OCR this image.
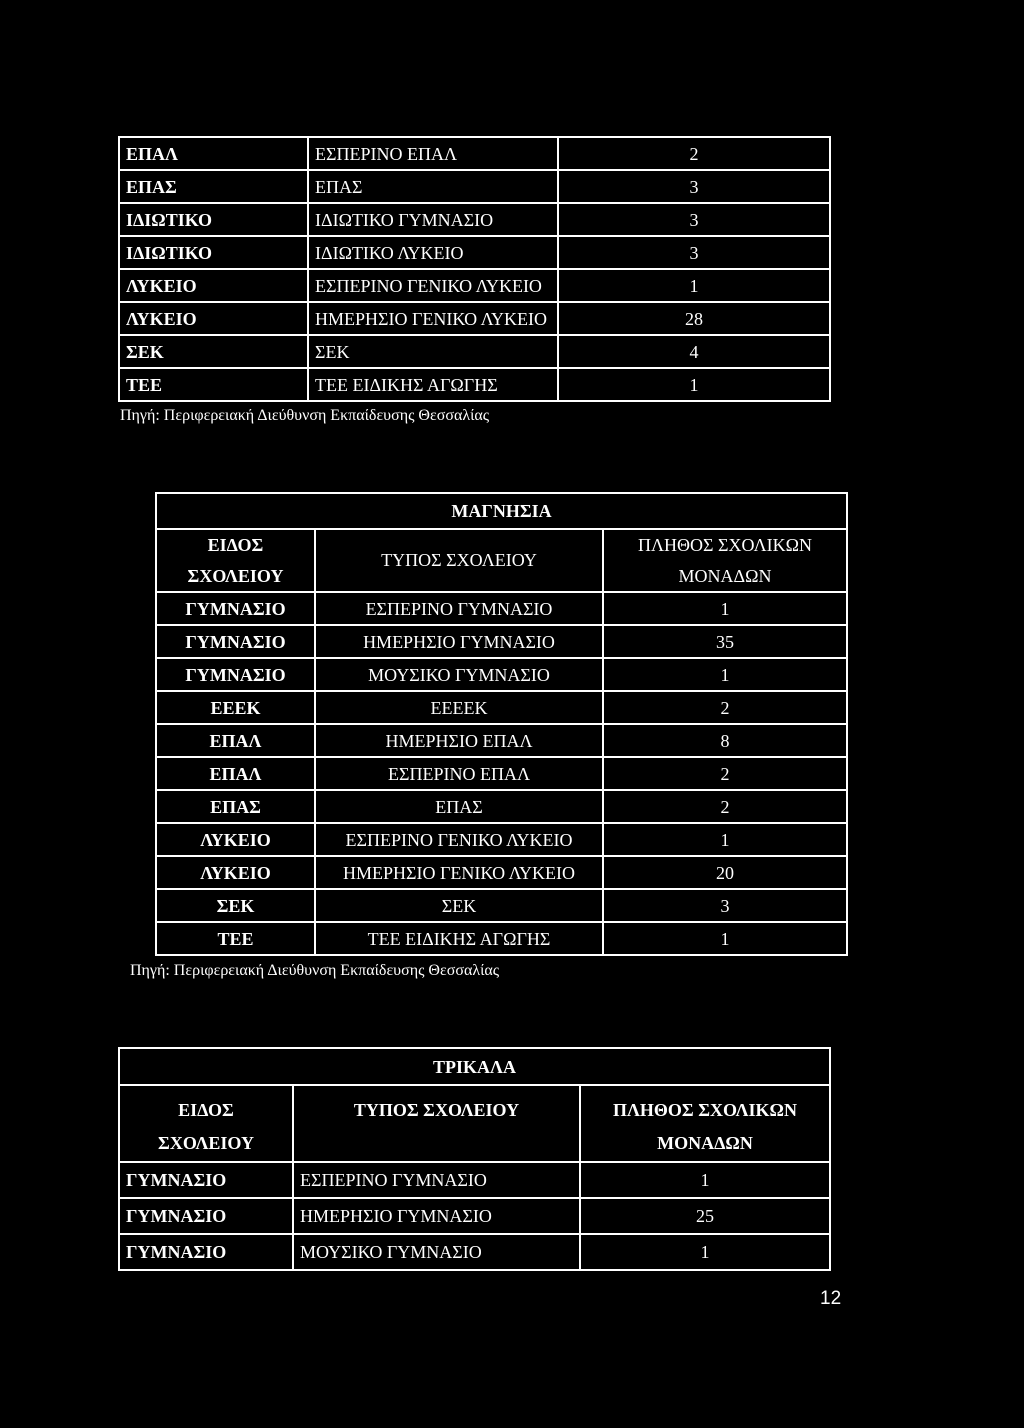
ΕΠΑΛ	ΕΣΠΕΡΙΝΟ ΕΠΑΛ	2
ΕΠΑΣ	ΕΠΑΣ	3
ΙΔΙΩΤΙΚΟ	ΙΔΙΩΤΙΚΟ ΓΥΜΝΑΣΙΟ	3
ΙΔΙΩΤΙΚΟ	ΙΔΙΩΤΙΚΟ ΛΥΚΕΙΟ	3
ΛΥΚΕΙΟ	ΕΣΠΕΡΙΝΟ ΓΕΝΙΚΟ ΛΥΚΕΙΟ	1
ΛΥΚΕΙΟ	ΗΜΕΡΗΣΙΟ ΓΕΝΙΚΟ ΛΥΚΕΙΟ	28
ΣΕΚ	ΣΕΚ	4
ΤΕΕ	ΤΕΕ ΕΙΔΙΚΗΣ ΑΓΩΓΗΣ	1
Πηγή: Περιφερειακή Διεύθυνση Εκπαίδευσης Θεσσαλίας
ΜΑΓΝΗΣΙΑ		
ΕΙΔΟΣ
ΣΧΟΛΕΙΟΥ	ΤΥΠΟΣ ΣΧΟΛΕΙΟΥ	ΠΛΗΘΟΣ ΣΧΟΛΙΚΩΝ
ΜΟΝΑΔΩΝ
ΓΥΜΝΑΣΙΟ	ΕΣΠΕΡΙΝΟ ΓΥΜΝΑΣΙΟ	1
ΓΥΜΝΑΣΙΟ	ΗΜΕΡΗΣΙΟ ΓΥΜΝΑΣΙΟ	35
ΓΥΜΝΑΣΙΟ	ΜΟΥΣΙΚΟ ΓΥΜΝΑΣΙΟ	1
ΕΕΕΚ	ΕΕΕΕΚ	2
ΕΠΑΛ	ΗΜΕΡΗΣΙΟ ΕΠΑΛ	8
ΕΠΑΛ	ΕΣΠΕΡΙΝΟ ΕΠΑΛ	2
ΕΠΑΣ	ΕΠΑΣ	2
ΛΥΚΕΙΟ	ΕΣΠΕΡΙΝΟ ΓΕΝΙΚΟ ΛΥΚΕΙΟ	1
ΛΥΚΕΙΟ	ΗΜΕΡΗΣΙΟ ΓΕΝΙΚΟ ΛΥΚΕΙΟ	20
ΣΕΚ	ΣΕΚ	3
ΤΕΕ	ΤΕΕ ΕΙΔΙΚΗΣ ΑΓΩΓΗΣ	1
Πηγή: Περιφερειακή Διεύθυνση Εκπαίδευσης Θεσσαλίας
ΤΡΙΚΑΛΑ		
ΕΙΔΟΣ
ΣΧΟΛΕΙΟΥ	ΤΥΠΟΣ ΣΧΟΛΕΙΟΥ	ΠΛΗΘΟΣ ΣΧΟΛΙΚΩΝ
ΜΟΝΑΔΩΝ
ΓΥΜΝΑΣΙΟ	ΕΣΠΕΡΙΝΟ ΓΥΜΝΑΣΙΟ	1
ΓΥΜΝΑΣΙΟ	ΗΜΕΡΗΣΙΟ ΓΥΜΝΑΣΙΟ	25
ΓΥΜΝΑΣΙΟ	ΜΟΥΣΙΚΟ ΓΥΜΝΑΣΙΟ	1
12
